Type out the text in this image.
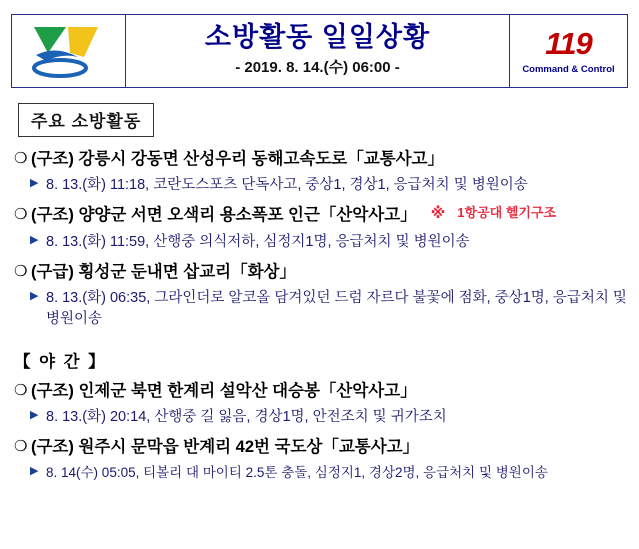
소방활동 일일상황
- 2019. 8. 14.(수) 06:00 -
119
Command & Control
주요 소방활동
❍ (구조) 강릉시 강동면 산성우리 동해고속도로「교통사고」
▶ 8. 13.(화) 11:18, 코란도스포츠 단독사고, 중상1, 경상1, 응급처치 및 병원이송
❍ (구조) 양양군 서면 오색리 용소폭포 인근「산악사고」 ※ 1항공대 헬기구조
▶ 8. 13.(화) 11:59, 산행중 의식저하, 심정지1명, 응급처치 및 병원이송
❍ (구급) 횡성군 둔내면 삽교리「화상」
▶ 8. 13.(화) 06:35, 그라인더로 알코올 담겨있던 드럼 자르다 불꽃에 점화, 중상1명, 응급처치 및 병원이송
【 야 간 】
❍ (구조) 인제군 북면 한계리 설악산 대승봉「산악사고」
▶ 8. 13.(화) 20:14, 산행중 길 잃음, 경상1명, 안전조치 및 귀가조치
❍ (구조) 원주시 문막읍 반계리 42번 국도상「교통사고」
▶ 8. 14(수) 05:05, 티볼리 대 마이티 2.5톤 충돌, 심정지1, 경상2명, 응급처치 및 병원이송
